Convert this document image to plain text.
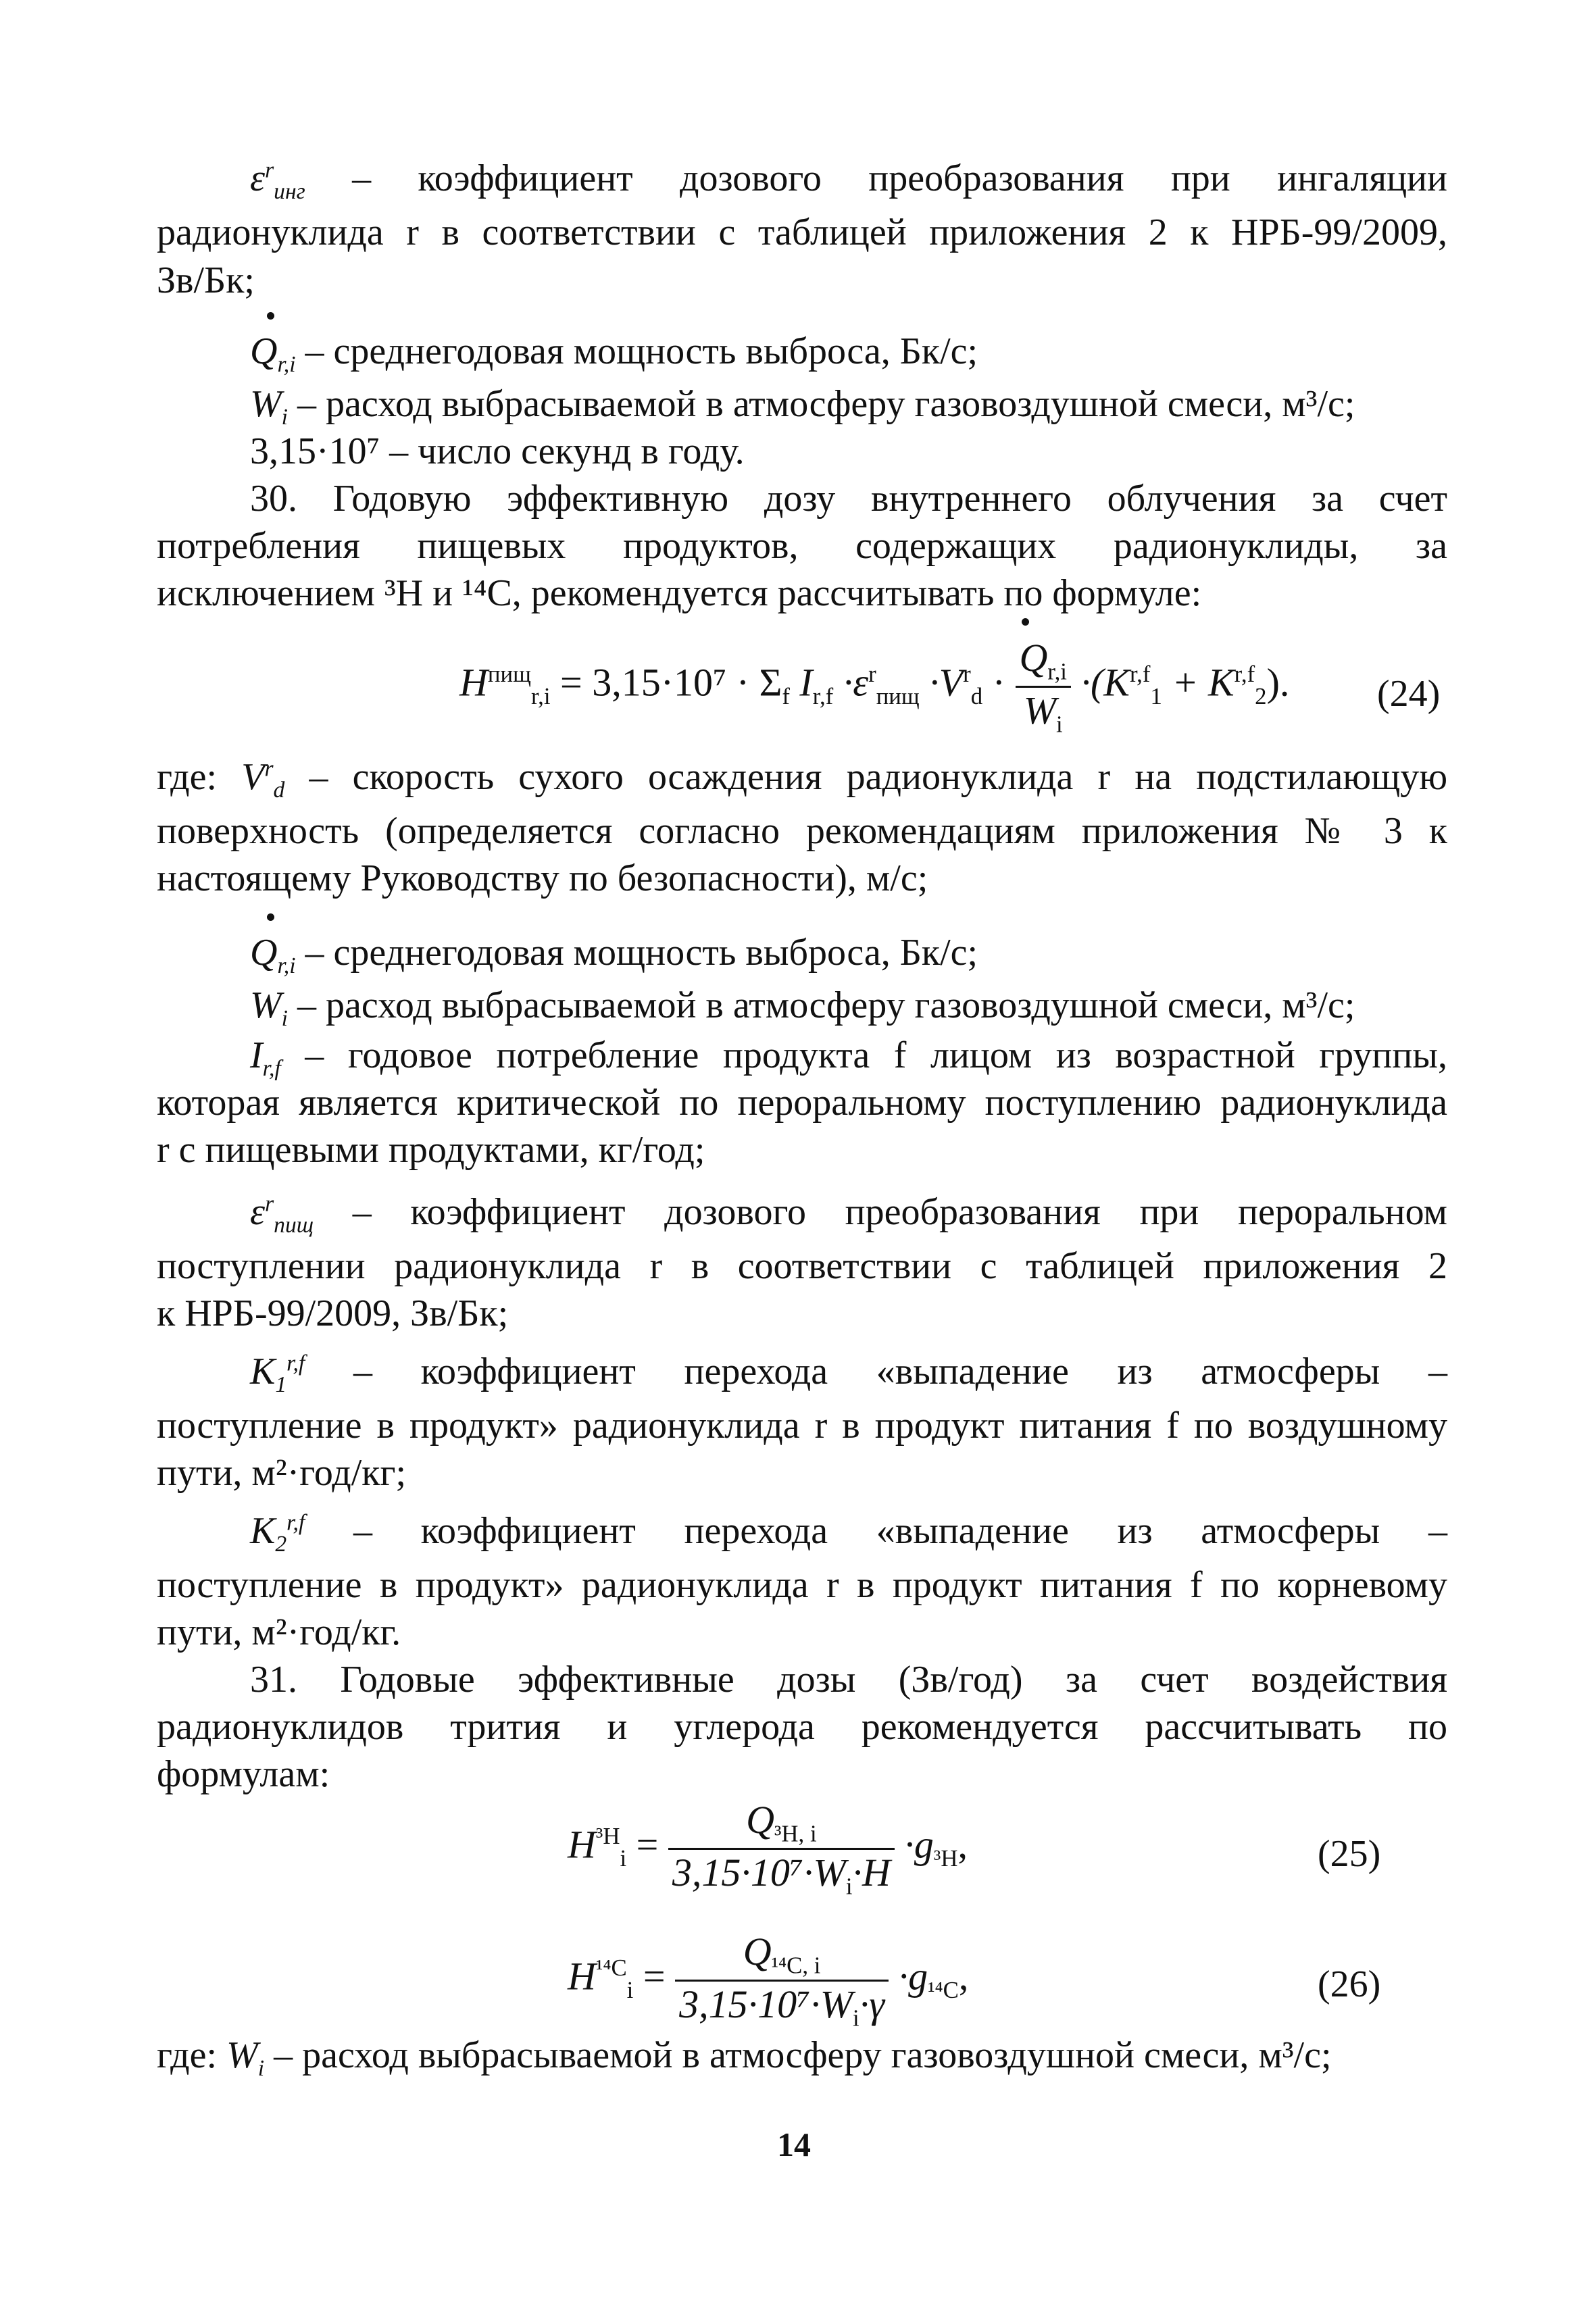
$\varepsilon^r_{инг}$ – коэффициент дозового преобразования при ингаляции
радионуклида r в соответствии с таблицей приложения 2 к НРБ-99/2009,
Зв/Бк;
$Q_{r,i}$ – среднегодовая мощность выброса, Бк/с;
$W_i$ – расход выбрасываемой в атмосферу газовоздушной смеси, м³/с;
3,15·10⁷ – число секунд в году.
30. Годовую эффективную дозу внутреннего облучения за счет
потребления пищевых продуктов, содержащих радионуклиды, за
исключением ³Н и ¹⁴С, рекомендуется рассчитывать по формуле:
$H^{пищ}_{r,i} = 3,15\cdot 10^7 \cdot \Sigma_f$ $I_{r,f} \cdot\varepsilon^r_{пищ} \cdot V^r_d \cdot \frac{Q_{r,i}}{W_i} \cdot(K^{r,f}_1 + K^{r,f}_2)$. (24)
где: $V^r_d$ – скорость сухого осаждения радионуклида r на подстилающую
поверхность (определяется согласно рекомендациям приложения № 3 к
настоящему Руководству по безопасности), м/с;
$Q_{r,i}$ – среднегодовая мощность выброса, Бк/с;
$W_i$ – расход выбрасываемой в атмосферу газовоздушной смеси, м³/с;
$I_{r,f}$ – годовое потребление продукта f лицом из возрастной группы,
которая является критической по пероральному поступлению радионуклида
r с пищевыми продуктами, кг/год;
$\varepsilon^r_{пищ}$ – коэффициент дозового преобразования при пероральном
поступлении радионуклида r в соответствии с таблицей приложения 2
к НРБ-99/2009, Зв/Бк;
$K_1^{r,f}$ – коэффициент перехода «выпадение из атмосферы –
поступление в продукт» радионуклида r в продукт питания f по воздушному
пути, м²·год/кг;
$K_2^{r,f}$ – коэффициент перехода «выпадение из атмосферы –
поступление в продукт» радионуклида r в продукт питания f по корневому
пути, м²·год/кг.
31. Годовые эффективные дозы (Зв/год) за счет воздействия
радионуклидов трития и углерода рекомендуется рассчитывать по
формулам:
$H^{^3H}_i = \frac{Q_{^3H, i}}{3,15\cdot 10^7\cdot W_i\cdot H} \cdot g_{^3H}$,	(25)
$H^{^{14}C}_i = \frac{Q_{^{14}C, i}}{3,15\cdot 10^7\cdot W_i\cdot\gamma} \cdot g_{^{14}C}$,	(26)
где: $W_i$ – расход выбрасываемой в атмосферу газовоздушной смеси, м³/с;
14
